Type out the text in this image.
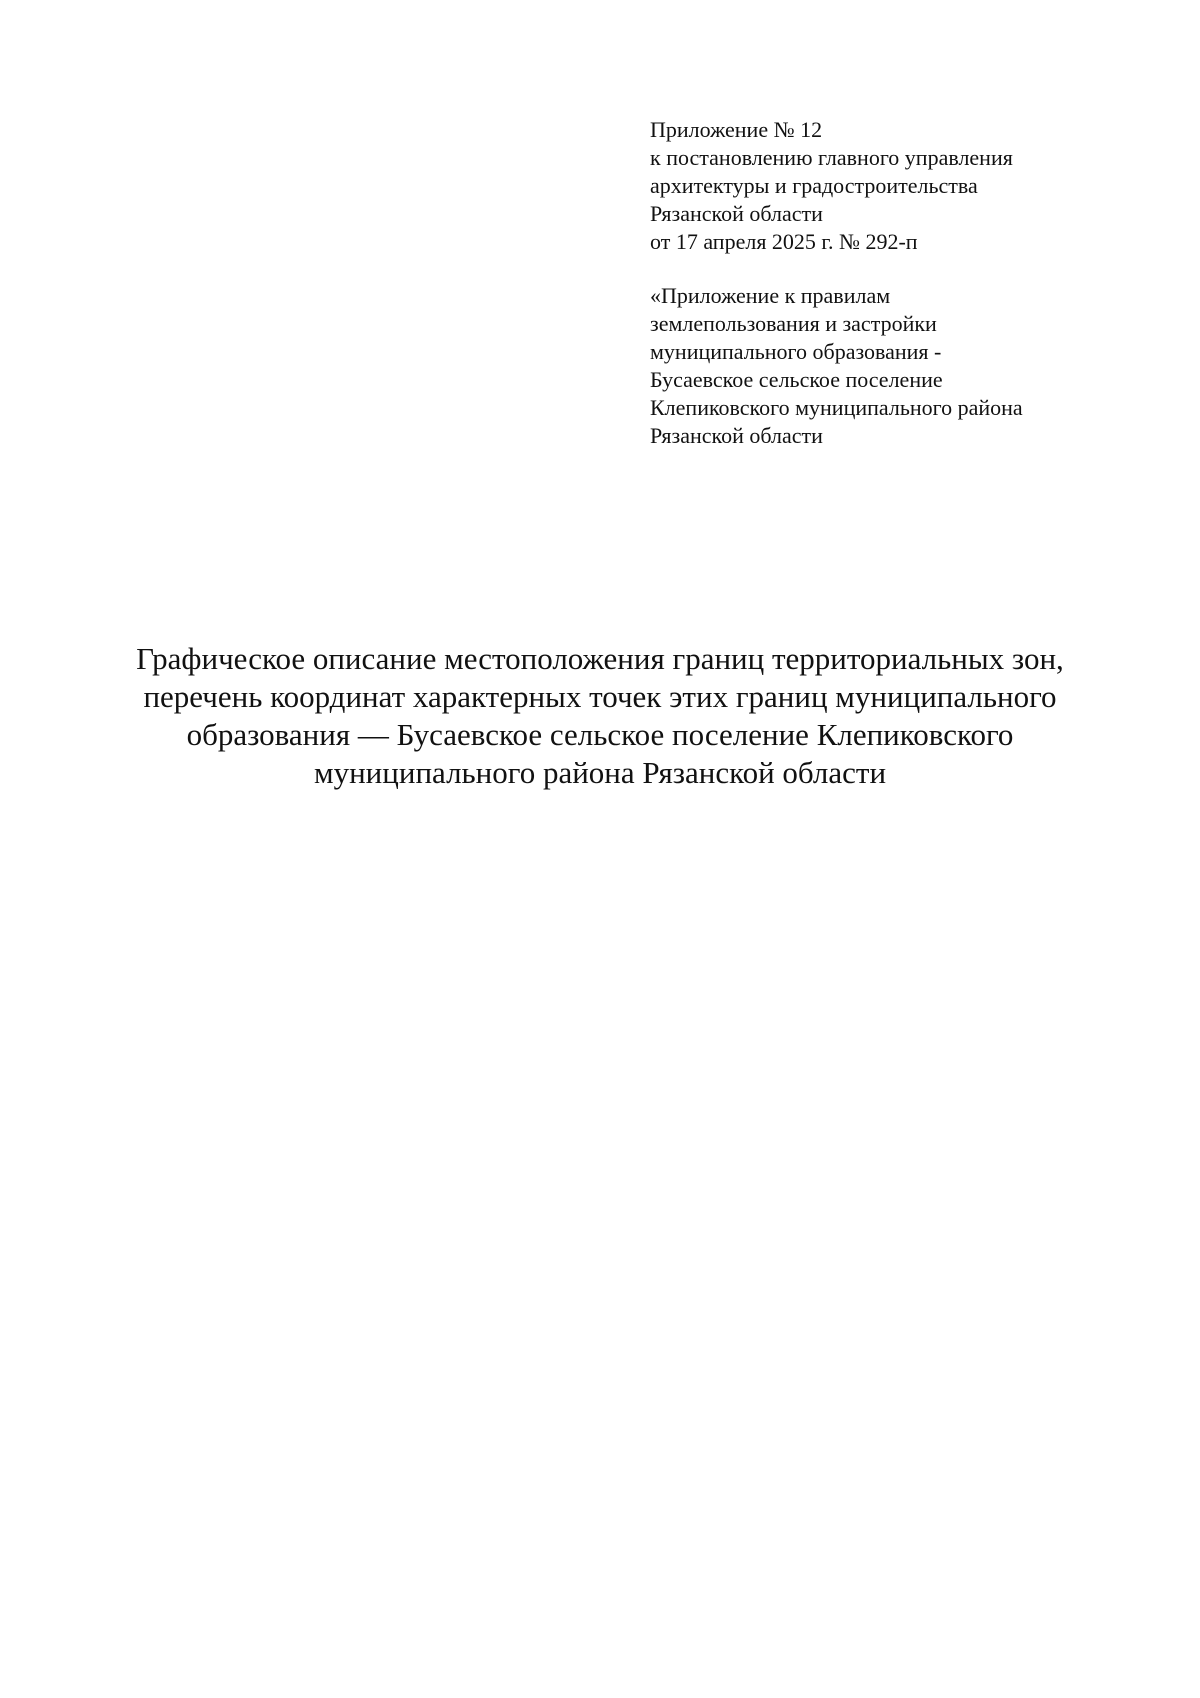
Приложение № 12
к постановлению главного управления
архитектуры и градостроительства
Рязанской области
от 17 апреля 2025 г. № 292-п
«Приложение к правилам
землепользования и застройки
муниципального образования -
Бусаевское сельское поселение
Клепиковского муниципального района
Рязанской области
Графическое описание местоположения границ территориальных зон,
перечень координат характерных точек этих границ муниципального
образования — Бусаевское сельское поселение Клепиковского
муниципального района Рязанской области
